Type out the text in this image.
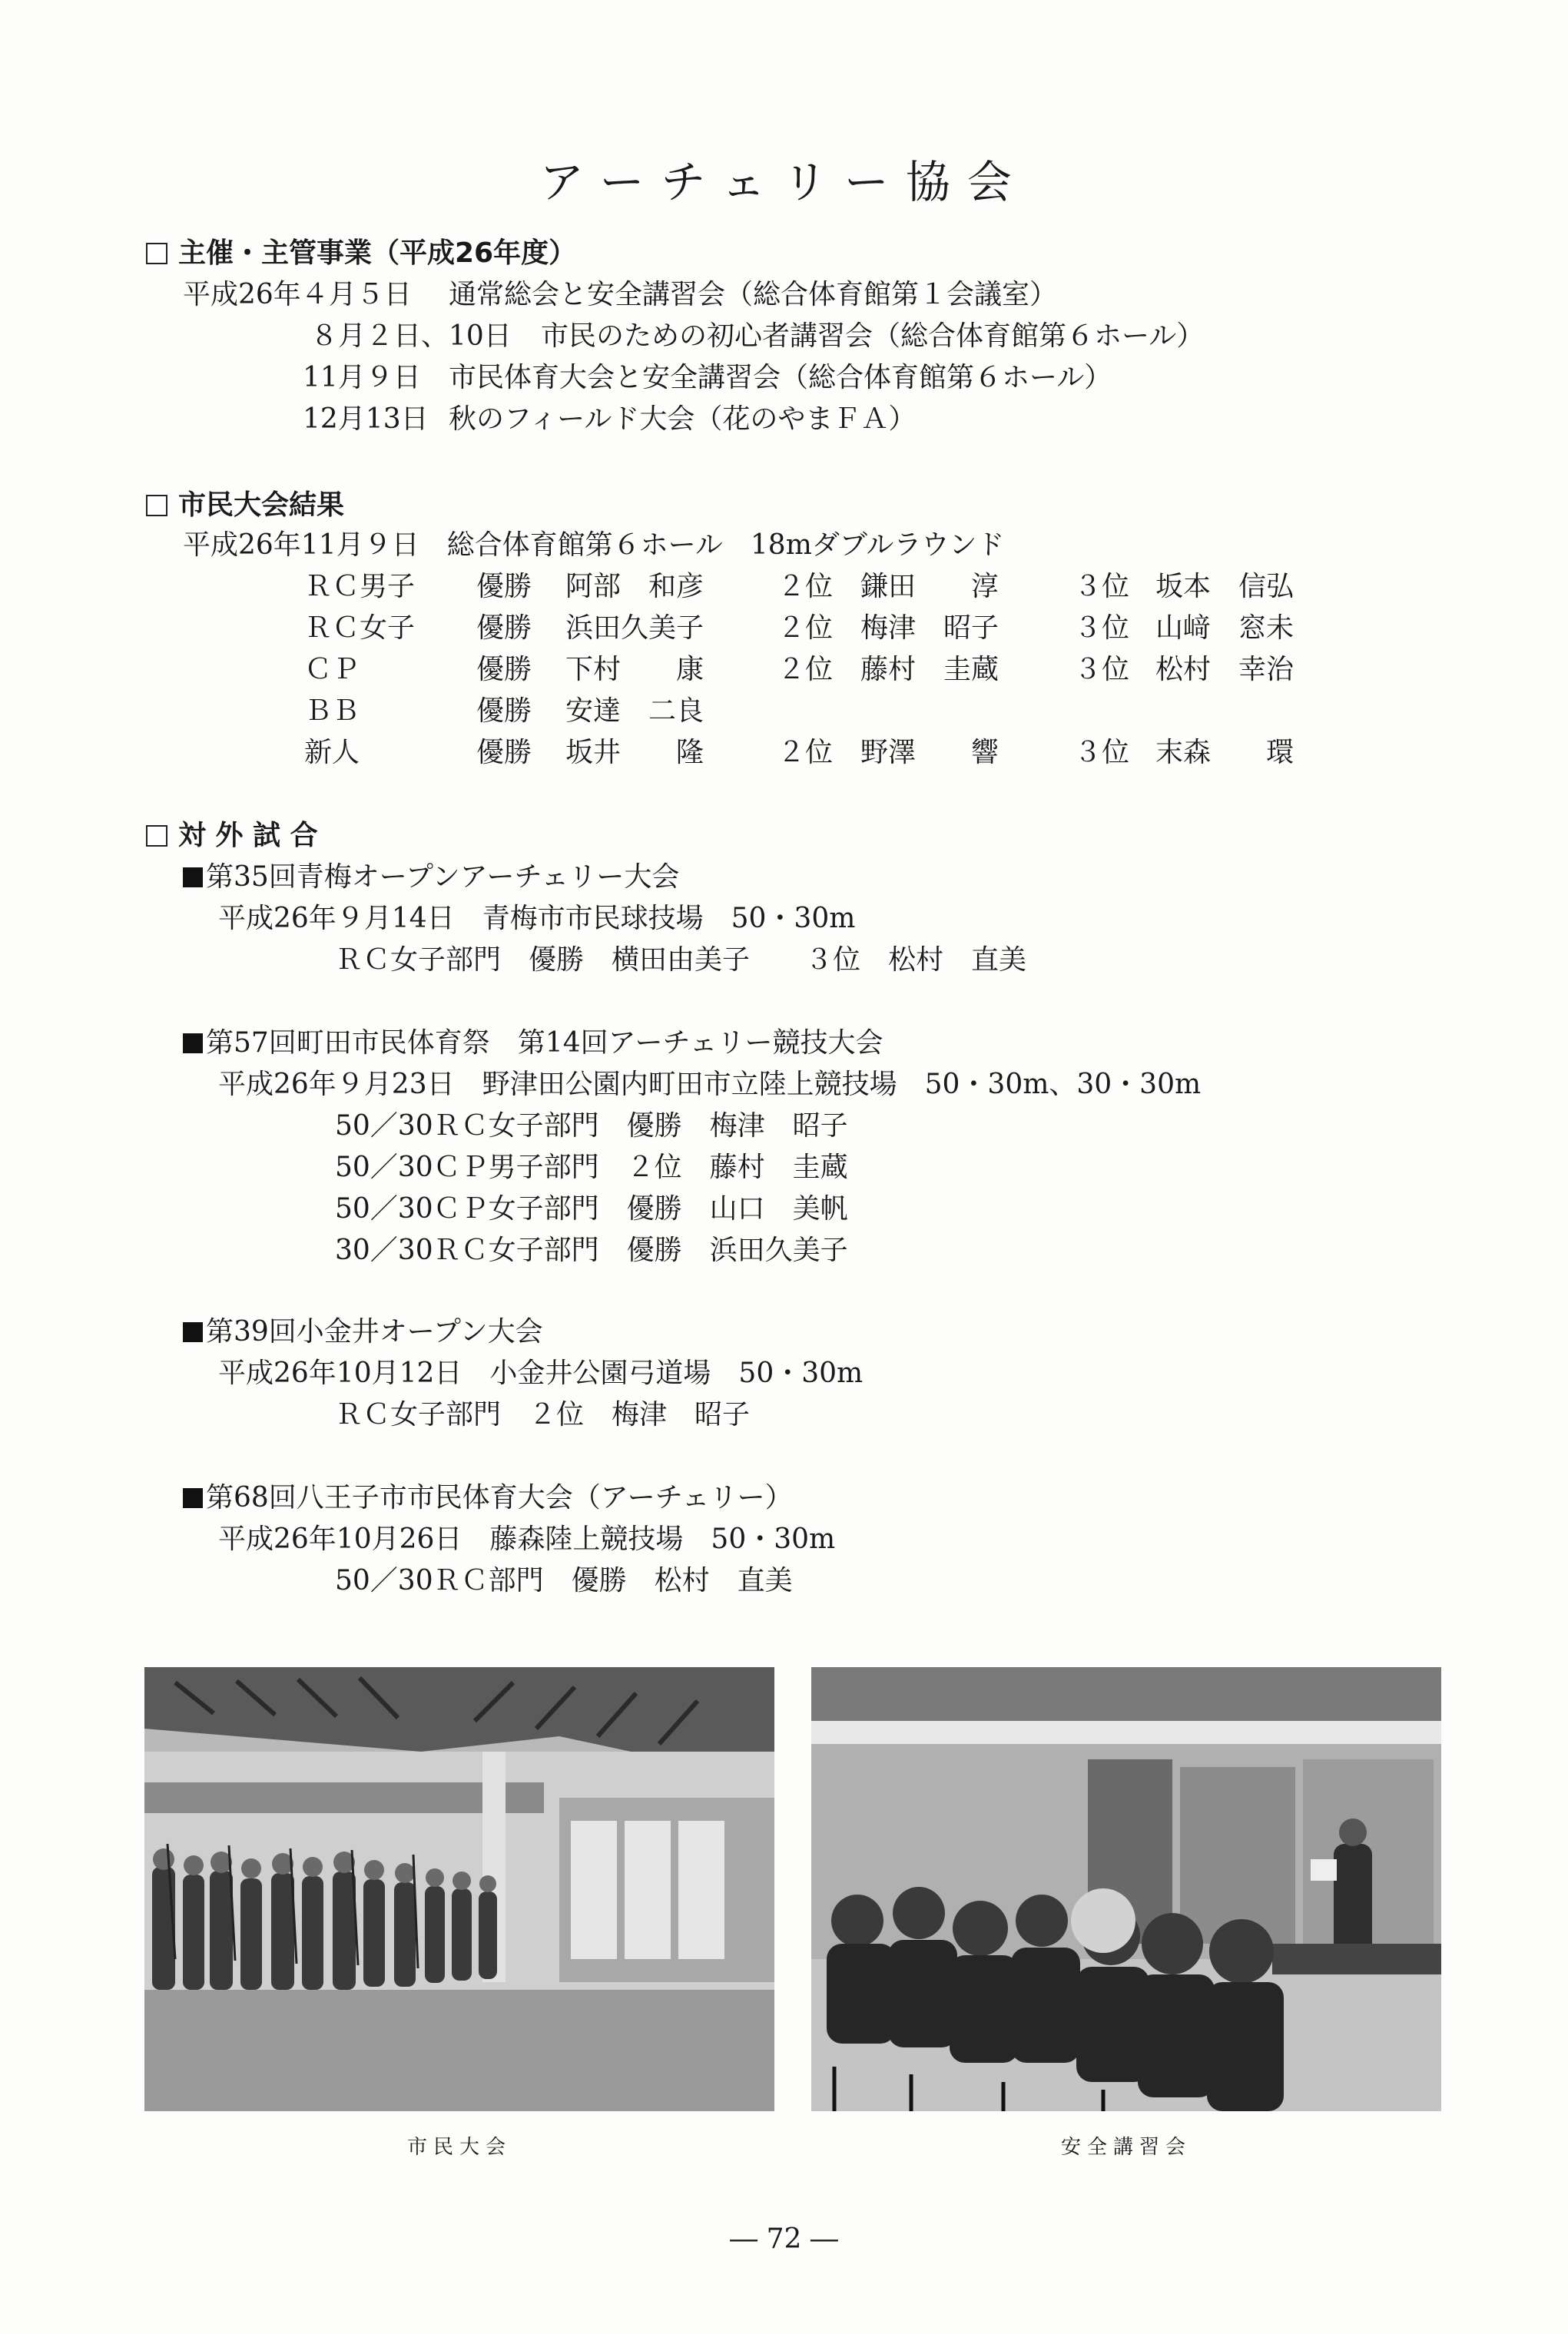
アーチェリー協会
主催・主管事業（平成26年度）
平成26年４月５日 通常総会と安全講習会（総合体育館第１会議室）
８月２日、10日 市民のための初心者講習会（総合体育館第６ホール）
11月９日 市民体育大会と安全講習会（総合体育館第６ホール）
12月13日 秋のフィールド大会（花のやまＦＡ）
市民大会結果
平成26年11月９日　総合体育館第６ホール　18mダブルラウンド
ＲＣ男子 優勝 阿部　和彦	２位 鎌田　　淳	３位 坂本　信弘
ＲＣ女子 優勝 浜田久美子	２位 梅津　昭子	３位 山﨑　窓未
ＣＰ	優勝 下村　　康	２位 藤村　圭蔵	３位 松村　幸治
ＢＢ	優勝 安達　二良
新人	優勝 坂井　　隆	２位 野澤　　響	３位 末森　　環
対 外 試 合
第35回青梅オープンアーチェリー大会
平成26年９月14日　青梅市市民球技場　50・30m
ＲＣ女子部門　優勝　横田由美子　　３位　松村　直美
第57回町田市民体育祭　第14回アーチェリー競技大会
平成26年９月23日　野津田公園内町田市立陸上競技場　50・30m、30・30m
50／30ＲＣ女子部門　優勝　梅津　昭子
50／30ＣＰ男子部門　２位　藤村　圭蔵
50／30ＣＰ女子部門　優勝　山口　美帆
30／30ＲＣ女子部門　優勝　浜田久美子
第39回小金井オープン大会
平成26年10月12日　小金井公園弓道場　50・30m
ＲＣ女子部門　２位　梅津　昭子
第68回八王子市市民体育大会（アーチェリー）
平成26年10月26日　藤森陸上競技場　50・30m
50／30ＲＣ部門　優勝　松村　直美
市民大会	安全講習会
― 72 ―
